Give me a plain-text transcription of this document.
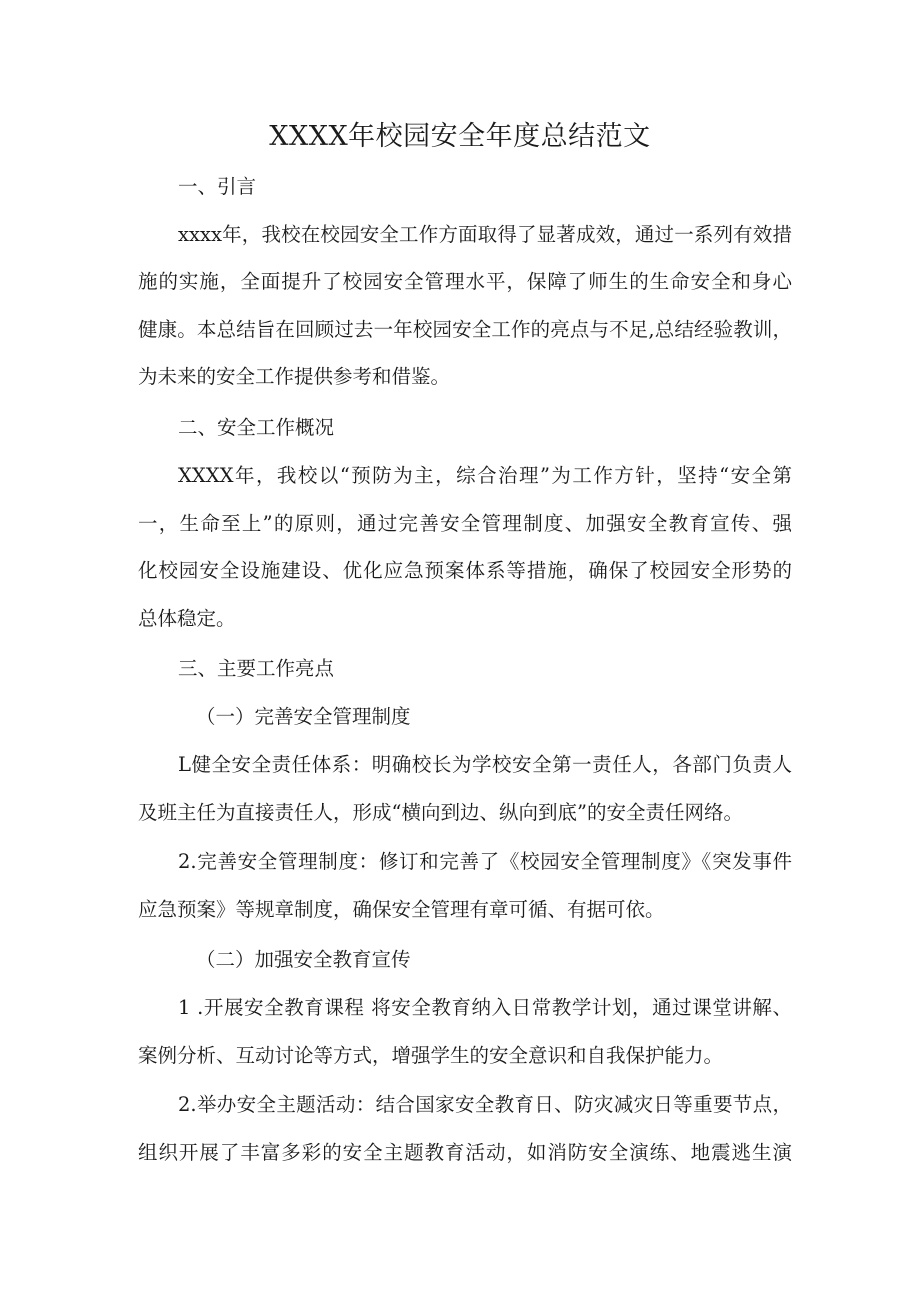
XXXX年校园安全年度总结范文
一、引言
xxxx年，我校在校园安全工作方面取得了显著成效，通过一系列有效措
施的实施，全面提升了校园安全管理水平，保障了师生的生命安全和身心
健康。本总结旨在回顾过去一年校园安全工作的亮点与不足,总结经验教训，
为未来的安全工作提供参考和借鉴。
二、安全工作概况
XXXX年，我校以“预防为主，综合治理”为工作方针，坚持“安全第
一，生命至上”的原则，通过完善安全管理制度、加强安全教育宣传、强
化校园安全设施建设、优化应急预案体系等措施，确保了校园安全形势的
总体稳定。
三、主要工作亮点
（一）完善安全管理制度
L健全安全责任体系：明确校长为学校安全第一责任人，各部门负责人
及班主任为直接责任人，形成“横向到边、纵向到底”的安全责任网络。
2.完善安全管理制度：修订和完善了《校园安全管理制度》《突发事件
应急预案》等规章制度，确保安全管理有章可循、有据可依。
（二）加强安全教育宣传
1 .开展安全教育课程 将安全教育纳入日常教学计划，通过课堂讲解、
案例分析、互动讨论等方式，增强学生的安全意识和自我保护能力。
2.举办安全主题活动：结合国家安全教育日、防灾减灾日等重要节点，
组织开展了丰富多彩的安全主题教育活动，如消防安全演练、地震逃生演
